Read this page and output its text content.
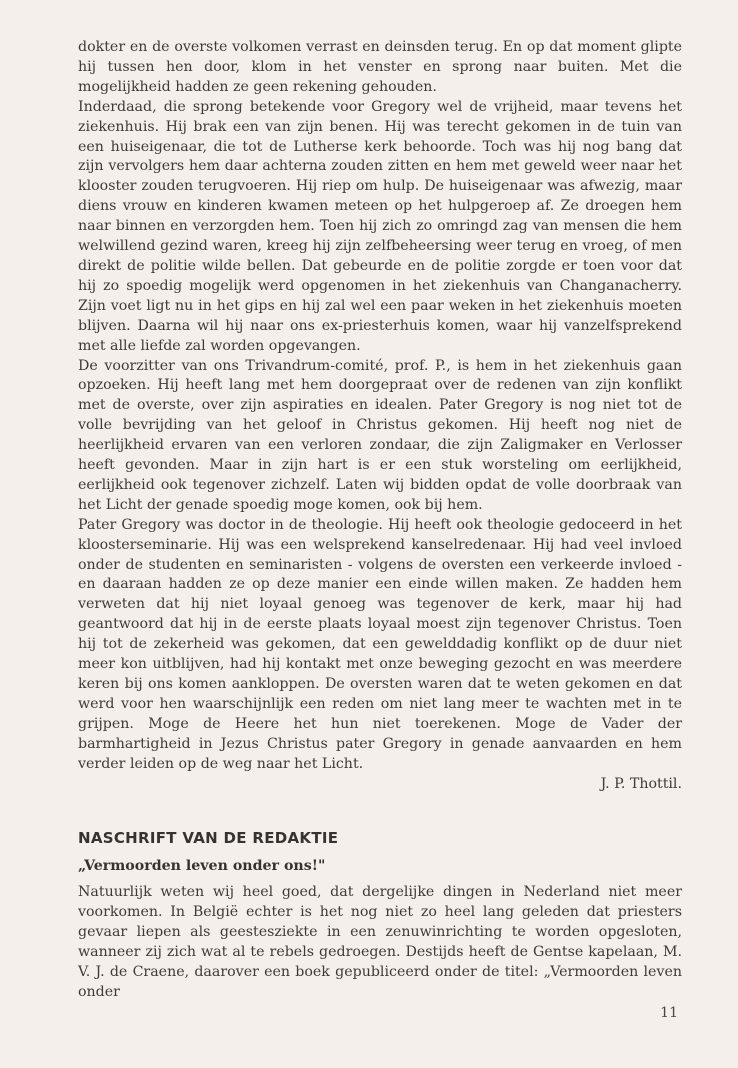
dokter en de overste volkomen verrast en deinsden terug. En op dat moment glipte hij tussen hen door, klom in het venster en sprong naar buiten. Met die mogelijkheid hadden ze geen rekening gehouden.

Inderdaad, die sprong betekende voor Gregory wel de vrijheid, maar tevens het ziekenhuis. Hij brak een van zijn benen. Hij was terecht gekomen in de tuin van een huiseigenaar, die tot de Lutherse kerk behoorde. Toch was hij nog bang dat zijn vervolgers hem daar achterna zouden zitten en hem met geweld weer naar het klooster zouden terugvoeren. Hij riep om hulp. De huiseigenaar was afwezig, maar diens vrouw en kinderen kwamen meteen op het hulpgeroep af. Ze droegen hem naar binnen en verzorgden hem. Toen hij zich zo omringd zag van mensen die hem welwillend gezind waren, kreeg hij zijn zelfbeheersing weer terug en vroeg, of men direkt de politie wilde bellen. Dat gebeurde en de politie zorgde er toen voor dat hij zo spoedig mogelijk werd opgenomen in het ziekenhuis van Changanacherry. Zijn voet ligt nu in het gips en hij zal wel een paar weken in het ziekenhuis moeten blijven. Daarna wil hij naar ons ex-priesterhuis komen, waar hij vanzelfsprekend met alle liefde zal worden opgevangen.

De voorzitter van ons Trivandrum-comité, prof. P., is hem in het ziekenhuis gaan opzoeken. Hij heeft lang met hem doorgepraat over de redenen van zijn konflikt met de overste, over zijn aspiraties en idealen. Pater Gregory is nog niet tot de volle bevrijding van het geloof in Christus gekomen. Hij heeft nog niet de heerlijkheid ervaren van een verloren zondaar, die zijn Zaligmaker en Verlosser heeft gevonden. Maar in zijn hart is er een stuk worsteling om eerlijkheid, eerlijkheid ook tegenover zichzelf. Laten wij bidden opdat de volle doorbraak van het Licht der genade spoedig moge komen, ook bij hem.

Pater Gregory was doctor in de theologie. Hij heeft ook theologie gedoceerd in het kloosterseminarie. Hij was een welsprekend kanselredenaar. Hij had veel invloed onder de studenten en seminaristen - volgens de oversten een verkeerde invloed - en daaraan hadden ze op deze manier een einde willen maken. Ze hadden hem verweten dat hij niet loyaal genoeg was tegenover de kerk, maar hij had geantwoord dat hij in de eerste plaats loyaal moest zijn tegenover Christus. Toen hij tot de zekerheid was gekomen, dat een gewelddadig konflikt op de duur niet meer kon uitblijven, had hij kontakt met onze beweging gezocht en was meerdere keren bij ons komen aankloppen. De oversten waren dat te weten gekomen en dat werd voor hen waarschijnlijk een reden om niet lang meer te wachten met in te grijpen. Moge de Heere het hun niet toerekenen. Moge de Vader der barmhartigheid in Jezus Christus pater Gregory in genade aanvaarden en hem verder leiden op de weg naar het Licht.

J. P. Thottil.

NASCHRIFT VAN DE REDAKTIE
„Vermoorden leven onder ons!"

Natuurlijk weten wij heel goed, dat dergelijke dingen in Nederland niet meer voorkomen. In België echter is het nog niet zo heel lang geleden dat priesters gevaar liepen als geestesziekte in een zenuwinrichting te worden opgesloten, wanneer zij zich wat al te rebels gedroegen. Destijds heeft de Gentse kapelaan, M. V. J. de Craene, daarover een boek gepubliceerd onder de titel: „Vermoorden leven onder

11
